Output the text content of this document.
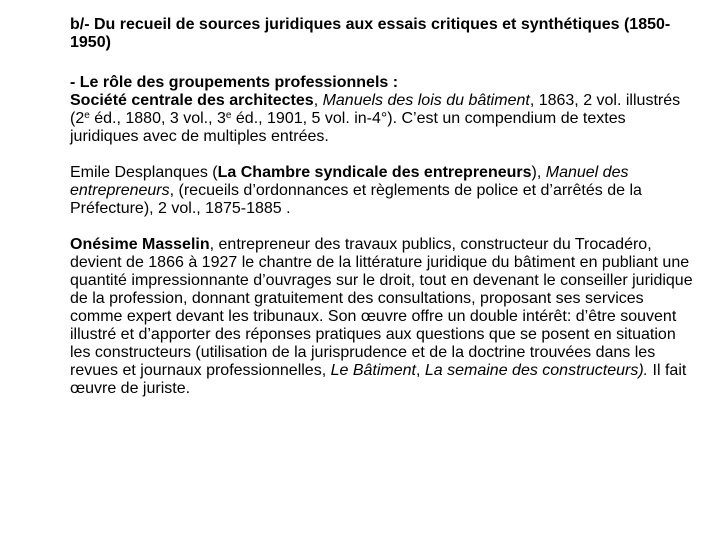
b/- Du recueil de sources juridiques aux essais critiques et synthétiques (1850-1950)

- Le rôle des groupements professionnels :

Société centrale des architectes, Manuels des lois du bâtiment, 1863, 2 vol. illustrés (2e éd., 1880, 3 vol., 3e éd., 1901, 5 vol. in-4°). C’est un compendium de textes juridiques avec de multiples entrées.

Emile Desplanques (La Chambre syndicale des entrepreneurs), Manuel des entrepreneurs, (recueils d’ordonnances et règlements de police et d’arrêtés de la Préfecture), 2 vol., 1875-1885 .

Onésime Masselin, entrepreneur des travaux publics, constructeur du Trocadéro, devient de 1866 à 1927 le chantre de la littérature juridique du bâtiment en publiant une quantité impressionnante d’ouvrages sur le droit, tout en devenant le conseiller juridique de la profession, donnant gratuitement des consultations, proposant ses services comme expert devant les tribunaux. Son œuvre offre un double intérêt: d’être souvent illustré et d’apporter des réponses pratiques aux questions que se posent en situation les constructeurs (utilisation de la jurisprudence et de la doctrine trouvées dans les revues et journaux professionnelles, Le Bâtiment, La semaine des constructeurs). Il fait œuvre de juriste.
